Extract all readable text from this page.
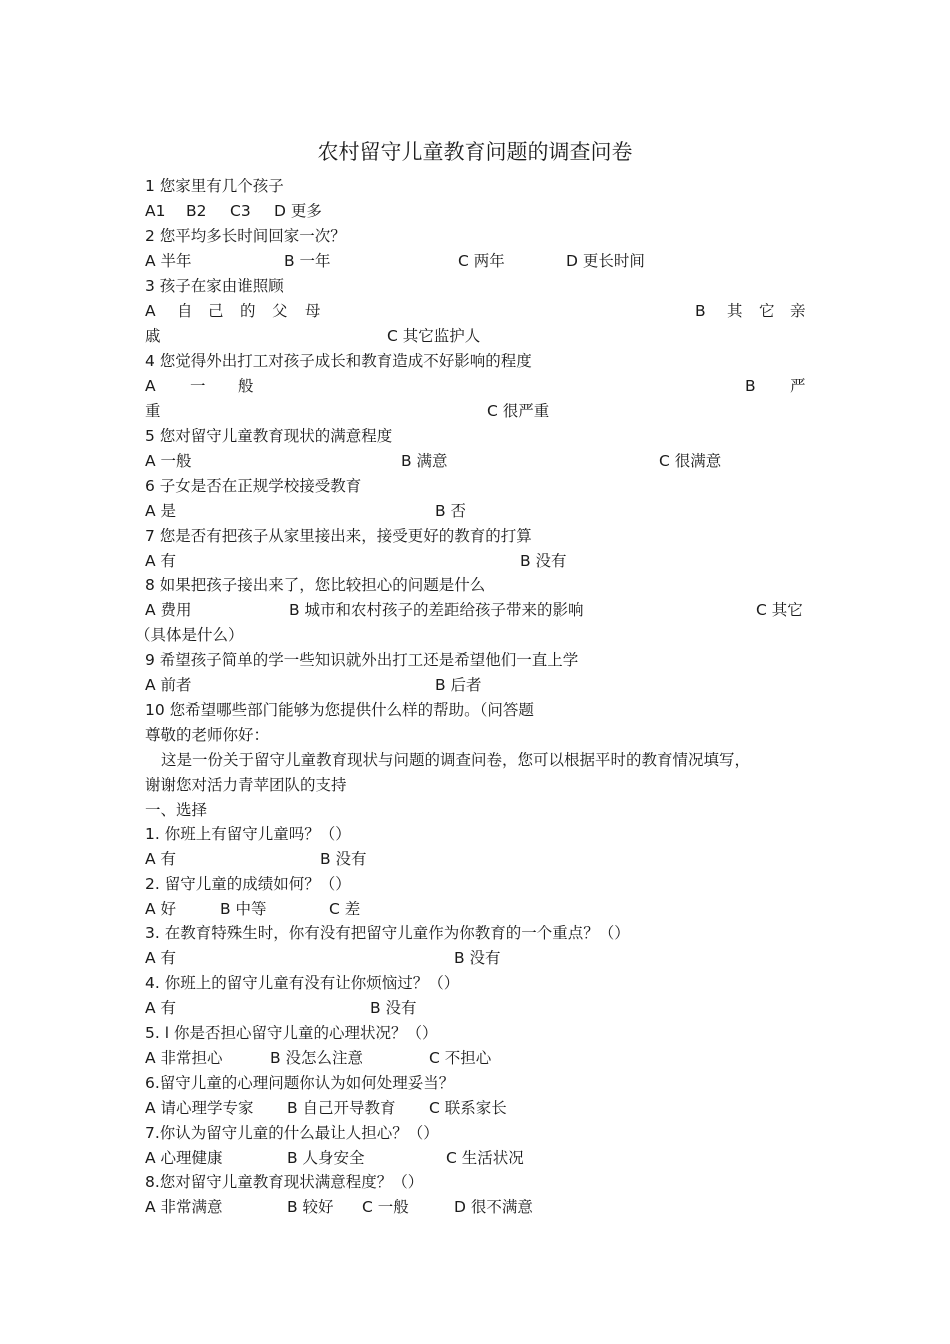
农村留守儿童教育问题的调查问卷
1 您家里有几个孩子
A1 B2 C3 D 更多
2 您平均多长时间回家一次？
A 半年	B 一年	C 两年	D 更长时间
3 孩子在家由谁照顾
A 自 己 的 父 母	B 其 它 亲
戚	C 其它监护人
4 您觉得外出打工对孩子成长和教育造成不好影响的程度
A 一 般	B 严
重	C 很严重
5 您对留守儿童教育现状的满意程度
A 一般	B 满意	C 很满意
6 子女是否在正规学校接受教育
A 是	B 否
7 您是否有把孩子从家里接出来，接受更好的教育的打算
A 有	B 没有
8 如果把孩子接出来了，您比较担心的问题是什么
A 费用	B 城市和农村孩子的差距给孩子带来的影响	C 其它
（具体是什么）
9 希望孩子简单的学一些知识就外出打工还是希望他们一直上学
A 前者	B 后者
10 您希望哪些部门能够为您提供什么样的帮助。（问答题
尊敬的老师你好：
这是一份关于留守儿童教育现状与问题的调查问卷，您可以根据平时的教育情况填写，
谢谢您对活力青苹团队的支持
一、选择
1. 你班上有留守儿童吗？（）
A 有	B 没有
2. 留守儿童的成绩如何？（）
A 好	B 中等	C 差
3. 在教育特殊生时，你有没有把留守儿童作为你教育的一个重点？（）
A 有	B 没有
4. 你班上的留守儿童有没有让你烦恼过？（）
A 有	B 没有
5. l 你是否担心留守儿童的心理状况？（）
A 非常担心	B 没怎么注意	C 不担心
6.留守儿童的心理问题你认为如何处理妥当？
A 请心理学专家 B 自己开导教育 C 联系家长
7.你认为留守儿童的什么最让人担心？（）
A 心理健康	B 人身安全	C 生活状况
8.您对留守儿童教育现状满意程度？（）
A 非常满意	B 较好 C 一般	D 很不满意
